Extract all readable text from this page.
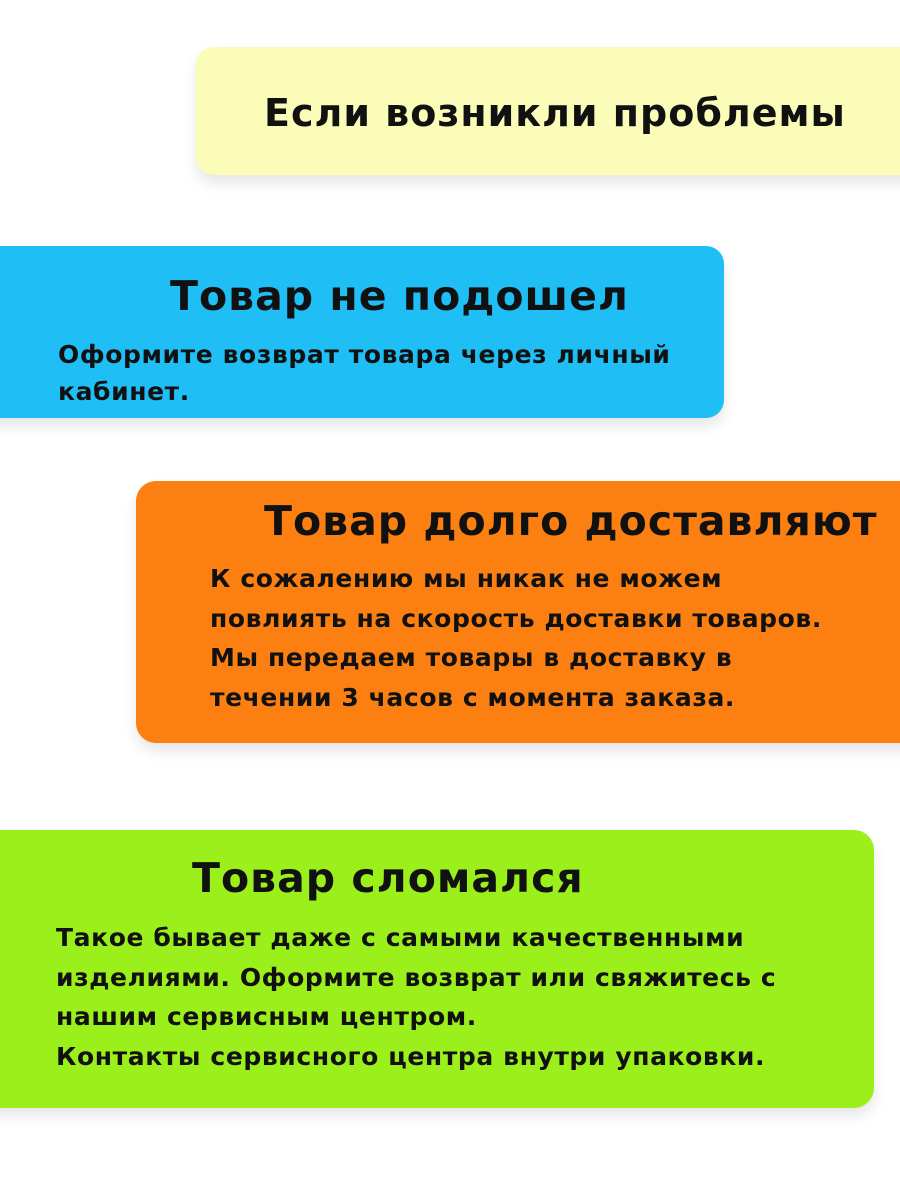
Если возникли проблемы
Товар не подошел

Оформите возврат товара через личный
кабинет.

Товар долго доставляют

К сожалению мы никак не можем
повлиять на скорость доставки товаров.
Мы передаем товары в доставку в
течении 3 часов с момента заказа.

Товар сломался

Такое бывает даже с самыми качественными
изделиями. Оформите возврат или свяжитесь с
нашим сервисным центром.
Контакты сервисного центра внутри упаковки.
